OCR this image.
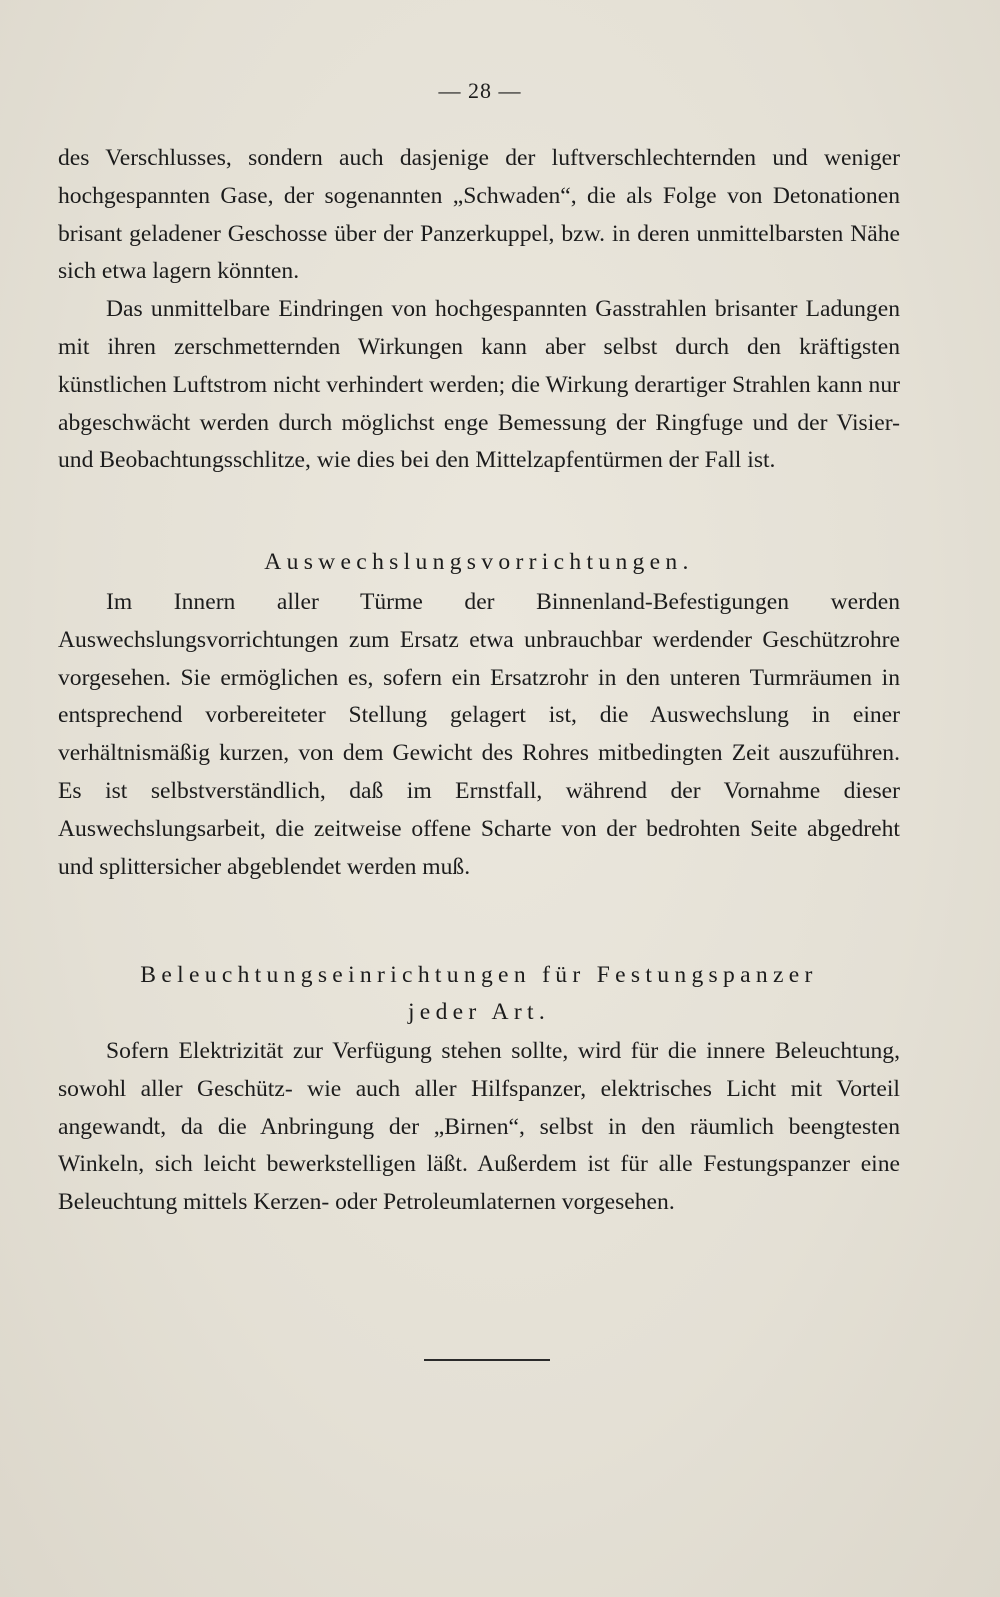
— 28 —

des Verschlusses, sondern auch dasjenige der luftverschlechternden und weniger hochgespannten Gase, der sogenannten „Schwaden“, die als Folge von Detonationen brisant geladener Geschosse über der Panzerkuppel, bzw. in deren unmittelbarsten Nähe sich etwa lagern könnten.

Das unmittelbare Eindringen von hochgespannten Gasstrahlen brisanter Ladungen mit ihren zerschmetternden Wirkungen kann aber selbst durch den kräftigsten künstlichen Luftstrom nicht verhindert werden; die Wirkung derartiger Strahlen kann nur abgeschwächt werden durch möglichst enge Bemessung der Ringfuge und der Visier- und Beobachtungsschlitze, wie dies bei den Mittelzapfentürmen der Fall ist.

Auswechslungsvorrichtungen.

Im Innern aller Türme der Binnenland-Befestigungen werden Auswechslungsvorrichtungen zum Ersatz etwa unbrauchbar werdender Geschützrohre vorgesehen. Sie ermöglichen es, sofern ein Ersatzrohr in den unteren Turmräumen in entsprechend vorbereiteter Stellung gelagert ist, die Auswechslung in einer verhältnismäßig kurzen, von dem Gewicht des Rohres mitbedingten Zeit auszuführen. Es ist selbstverständlich, daß im Ernstfall, während der Vornahme dieser Auswechslungsarbeit, die zeitweise offene Scharte von der bedrohten Seite abgedreht und splittersicher abgeblendet werden muß.

Beleuchtungseinrichtungen für Festungspanzer
jeder Art.

Sofern Elektrizität zur Verfügung stehen sollte, wird für die innere Beleuchtung, sowohl aller Geschütz- wie auch aller Hilfspanzer, elektrisches Licht mit Vorteil angewandt, da die Anbringung der „Birnen“, selbst in den räumlich beengtesten Winkeln, sich leicht bewerkstelligen läßt. Außerdem ist für alle Festungspanzer eine Beleuchtung mittels Kerzen- oder Petroleumlaternen vorgesehen.
